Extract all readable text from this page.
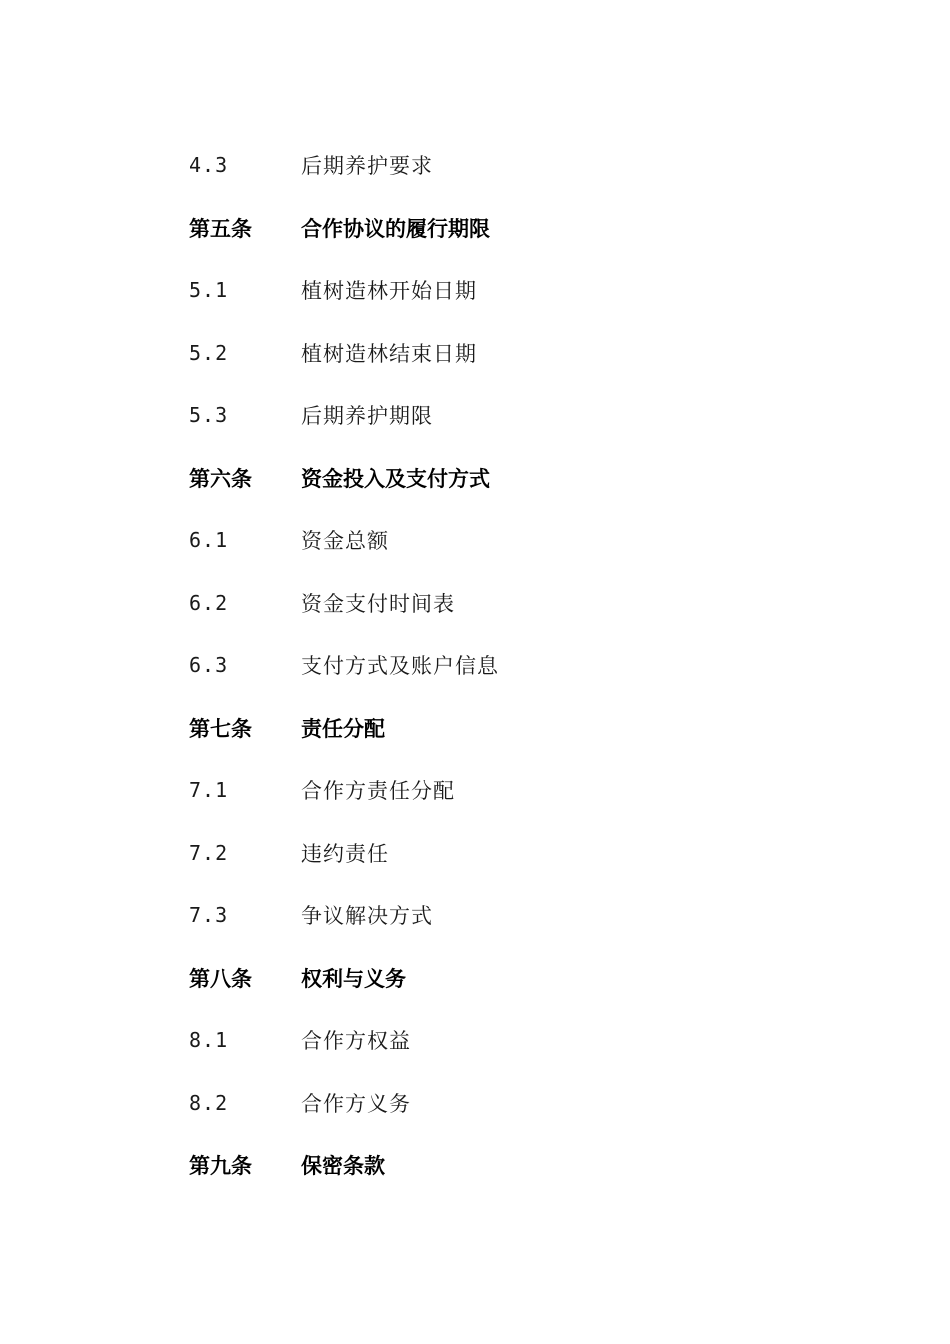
4.3	后期养护要求
第五条	合作协议的履行期限
5.1	植树造林开始日期
5.2	植树造林结束日期
5.3	后期养护期限
第六条	资金投入及支付方式
6.1	资金总额
6.2	资金支付时间表
6.3	支付方式及账户信息
第七条	责任分配
7.1	合作方责任分配
7.2	违约责任
7.3	争议解决方式
第八条	权利与义务
8.1	合作方权益
8.2	合作方义务
第九条	保密条款
